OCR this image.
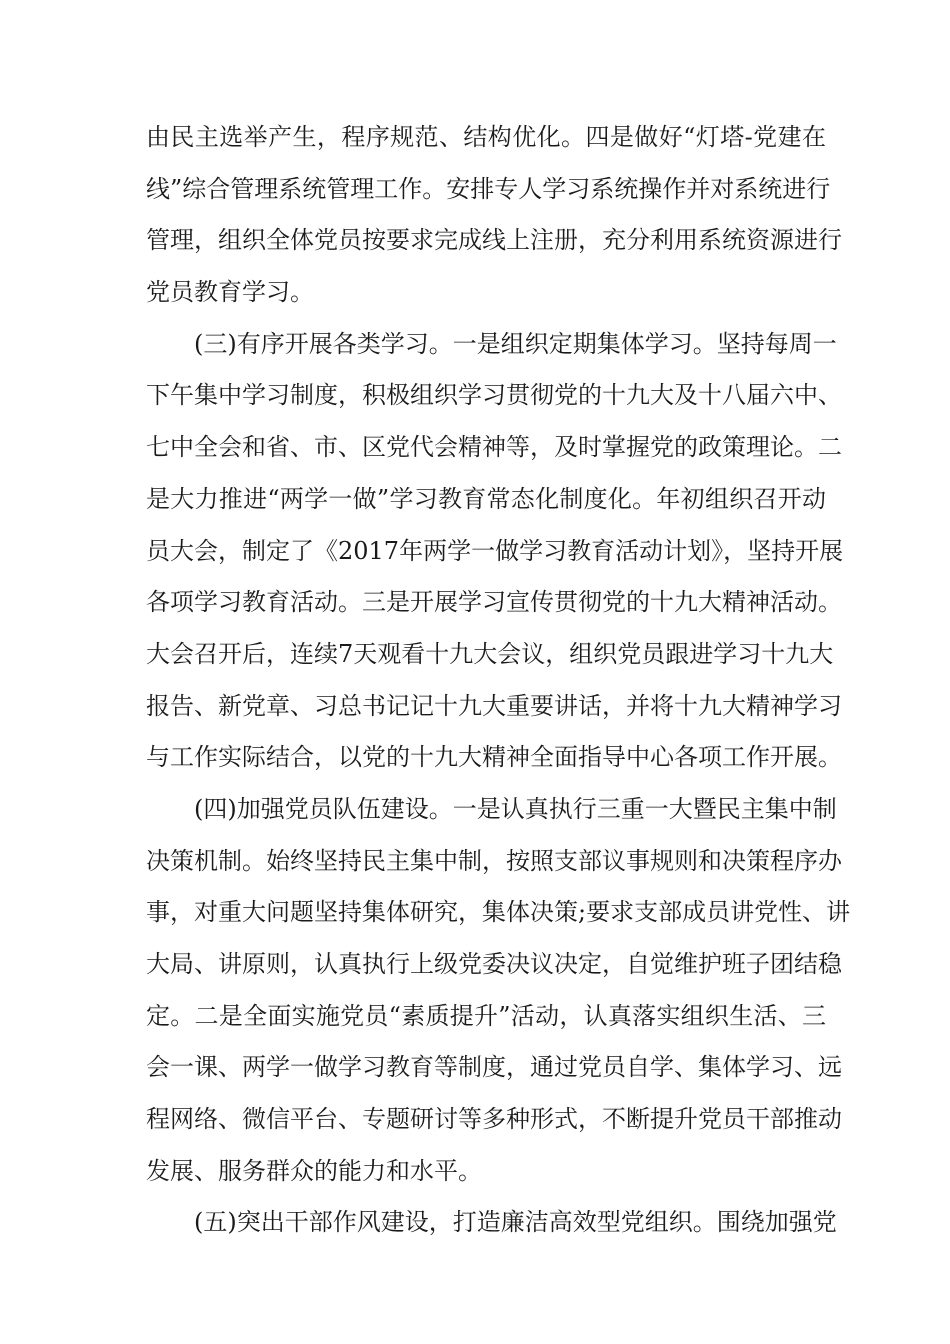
由民主选举产生，程序规范、结构优化。四是做好“灯塔-党建在
线”综合管理系统管理工作。安排专人学习系统操作并对系统进行
管理，组织全体党员按要求完成线上注册，充分利用系统资源进行
党员教育学习。
(三)有序开展各类学习。一是组织定期集体学习。坚持每周一
下午集中学习制度，积极组织学习贯彻党的十九大及十八届六中、
七中全会和省、市、区党代会精神等，及时掌握党的政策理论。二
是大力推进“两学一做”学习教育常态化制度化。年初组织召开动
员大会，制定了《2017年两学一做学习教育活动计划》，坚持开展
各项学习教育活动。三是开展学习宣传贯彻党的十九大精神活动。
大会召开后，连续7天观看十九大会议，组织党员跟进学习十九大
报告、新党章、习总书记记十九大重要讲话，并将十九大精神学习
与工作实际结合，以党的十九大精神全面指导中心各项工作开展。
(四)加强党员队伍建设。一是认真执行三重一大暨民主集中制
决策机制。始终坚持民主集中制，按照支部议事规则和决策程序办
事，对重大问题坚持集体研究，集体决策;要求支部成员讲党性、讲
大局、讲原则，认真执行上级党委决议决定，自觉维护班子团结稳
定。二是全面实施党员“素质提升”活动，认真落实组织生活、三
会一课、两学一做学习教育等制度，通过党员自学、集体学习、远
程网络、微信平台、专题研讨等多种形式，不断提升党员干部推动
发展、服务群众的能力和水平。
(五)突出干部作风建设，打造廉洁高效型党组织。围绕加强党
